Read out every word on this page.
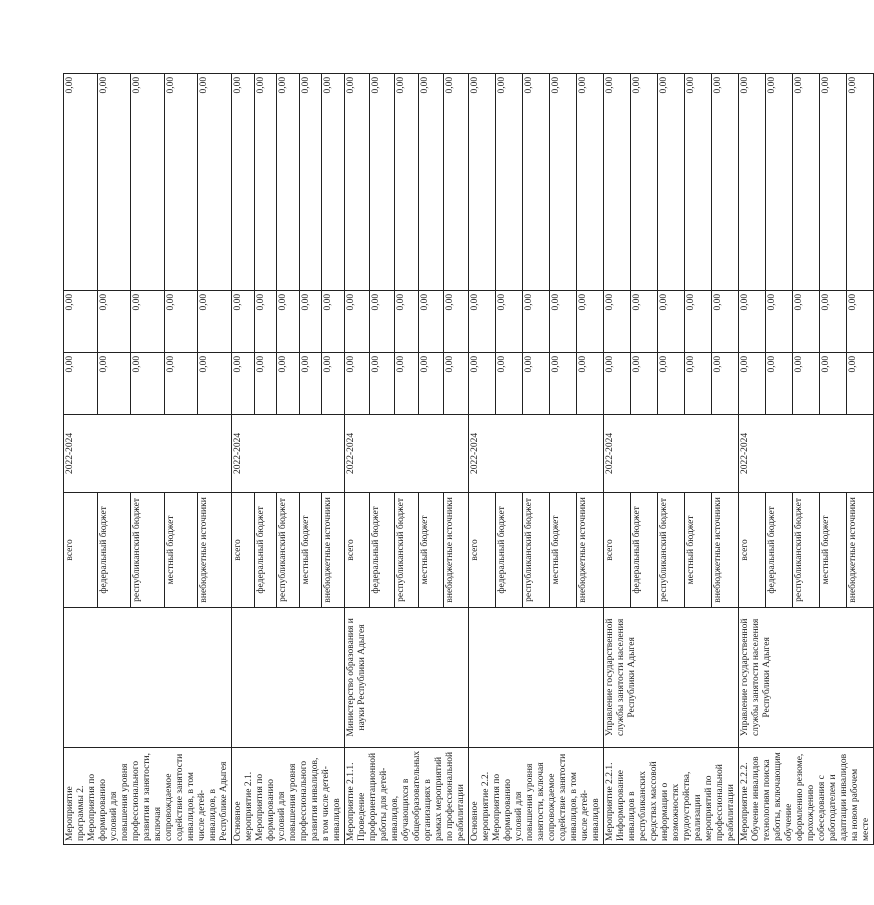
Мероприятие программы 2. Мероприятия по формированию условий для повышения уровня профессионального развития и занятости, включая сопровождаемое содействие занятости инвалидов, в том числе детей-инвалидов, в Республике Адыгея		всего	2022-2024	0,00	0,00	0,00
		федеральный бюджет		0,00	0,00	0,00
		республиканский бюджет		0,00	0,00	0,00
		местный бюджет		0,00	0,00	0,00
		внебюджетные источники		0,00	0,00	0,00
Основное мероприятие 2.1. Мероприятия по формированию условий для повышения уровня профессионального развития инвалидов, в том числе детей-инвалидов		всего	2022-2024	0,00	0,00	0,00
		федеральный бюджет		0,00	0,00	0,00
		республиканский бюджет		0,00	0,00	0,00
		местный бюджет		0,00	0,00	0,00
		внебюджетные источники		0,00	0,00	0,00
Мероприятие 2.1.1. Проведение профориентационной работы для детей-инвалидов, обучающихся в общеобразовательных организациях в рамках мероприятий по профессиональной реабилитации	Министерство образования и науки Республики Адыгея	всего	2022-2024	0,00	0,00	0,00
		федеральный бюджет		0,00	0,00	0,00
		республиканский бюджет		0,00	0,00	0,00
		местный бюджет		0,00	0,00	0,00
		внебюджетные источники		0,00	0,00	0,00
Основное мероприятие 2.2. Мероприятия по формированию условий для повышения уровня занятости, включая сопровождаемое содействие занятости инвалидов, в том числе детей-инвалидов		всего	2022-2024	0,00	0,00	0,00
		федеральный бюджет		0,00	0,00	0,00
		республиканский бюджет		0,00	0,00	0,00
		местный бюджет		0,00	0,00	0,00
		внебюджетные источники		0,00	0,00	0,00
Мероприятие 2.2.1. Информирование инвалидов в республиканских средствах массовой информации о возможностях трудоустройства, реализации мероприятий по профессиональной реабилитации	Управление государственной службы занятости населения Республики Адыгея	всего	2022-2024	0,00	0,00	0,00
		федеральный бюджет		0,00	0,00	0,00
		республиканский бюджет		0,00	0,00	0,00
		местный бюджет		0,00	0,00	0,00
		внебюджетные источники		0,00	0,00	0,00
Мероприятие 2.2.2. Обучение инвалидов технологиям поиска работы, включающим обучение оформлению резюме, прохождению собеседования с работодателем и адаптации инвалидов на новом рабочем месте	Управление государственной службы занятости населения Республики Адыгея	всего	2022-2024	0,00	0,00	0,00
		федеральный бюджет		0,00	0,00	0,00
		республиканский бюджет		0,00	0,00	0,00
		местный бюджет		0,00	0,00	0,00
		внебюджетные источники		0,00	0,00	0,00
